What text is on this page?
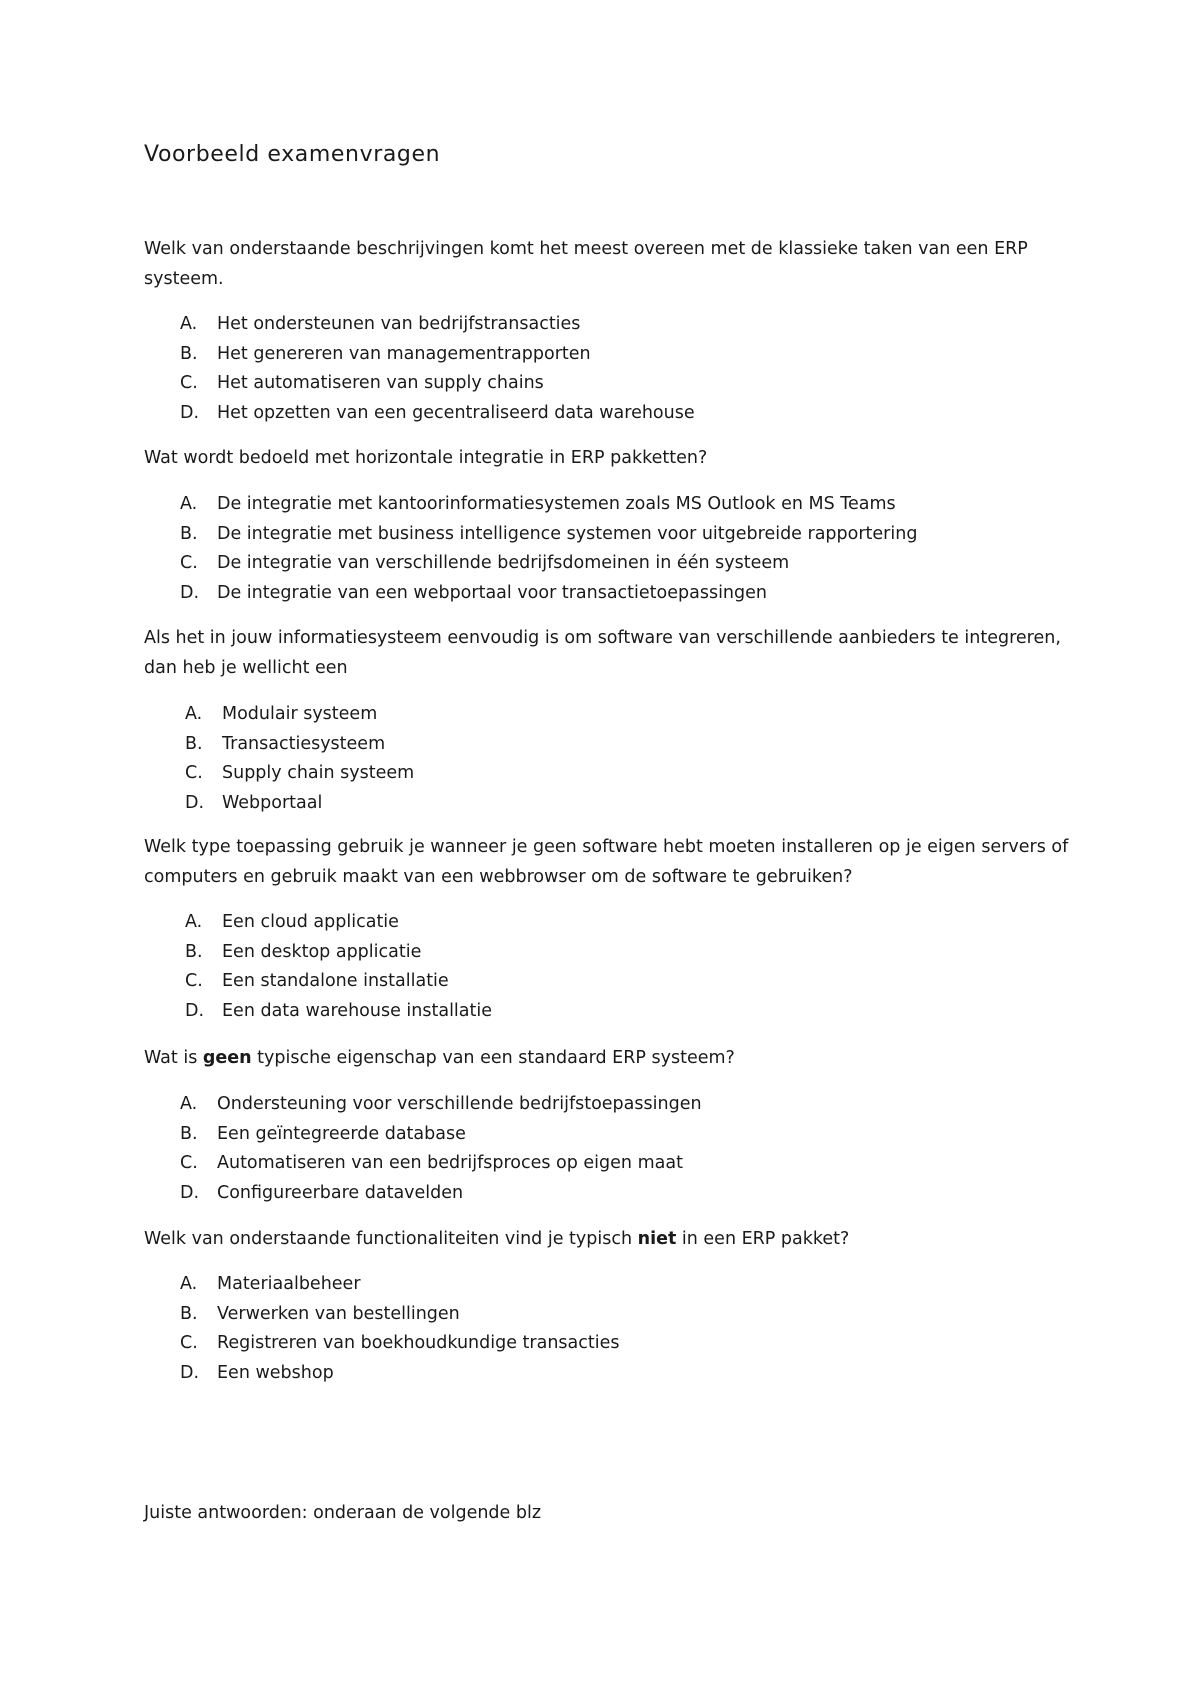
Voorbeeld examenvragen

Welk van onderstaande beschrijvingen komt het meest overeen met de klassieke taken van een ERP systeem.

A.	Het ondersteunen van bedrijfstransacties
B.	Het genereren van managementrapporten
C.	Het automatiseren van supply chains
D.	Het opzetten van een gecentraliseerd data warehouse

Wat wordt bedoeld met horizontale integratie in ERP pakketten?

A.	De integratie met kantoorinformatiesystemen zoals MS Outlook en MS Teams
B.	De integratie met business intelligence systemen voor uitgebreide rapportering
C.	De integratie van verschillende bedrijfsdomeinen in één systeem
D.	De integratie van een webportaal voor transactietoepassingen

Als het in jouw informatiesysteem eenvoudig is om software van verschillende aanbieders te integreren, dan heb je wellicht een

A.	Modulair systeem
B.	Transactiesysteem
C.	Supply chain systeem
D.	Webportaal

Welk type toepassing gebruik je wanneer je geen software hebt moeten installeren op je eigen servers of computers en gebruik maakt van een webbrowser om de software te gebruiken?

A.	Een cloud applicatie
B.	Een desktop applicatie
C.	Een standalone installatie
D.	Een data warehouse installatie

Wat is geen typische eigenschap van een standaard ERP systeem?

A.	Ondersteuning voor verschillende bedrijfstoepassingen
B.	Een geïntegreerde database
C.	Automatiseren van een bedrijfsproces op eigen maat
D.	Configureerbare datavelden

Welk van onderstaande functionaliteiten vind je typisch niet in een ERP pakket?

A.	Materiaalbeheer
B.	Verwerken van bestellingen
C.	Registreren van boekhoudkundige transacties
D.	Een webshop

Juiste antwoorden: onderaan de volgende blz
